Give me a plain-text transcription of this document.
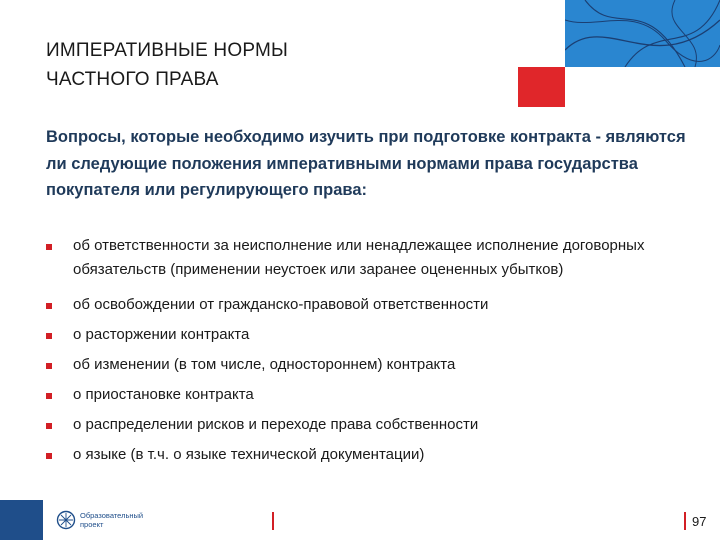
ИМПЕРАТИВНЫЕ НОРМЫ
ЧАСТНОГО ПРАВА
Вопросы, которые необходимо изучить при подготовке контракта - являются ли следующие положения императивными нормами права государства покупателя или регулирующего права:
об ответственности за неисполнение или ненадлежащее исполнение договорных обязательств (применении неустоек или заранее оцененных убытков)
об освобождении от гражданско-правовой ответственности
о расторжении контракта
об изменении (в том числе, одностороннем) контракта
о приостановке контракта
о распределении рисков и переходе права собственности
о языке (в т.ч. о языке технической документации)
Образовательный
проект	97
